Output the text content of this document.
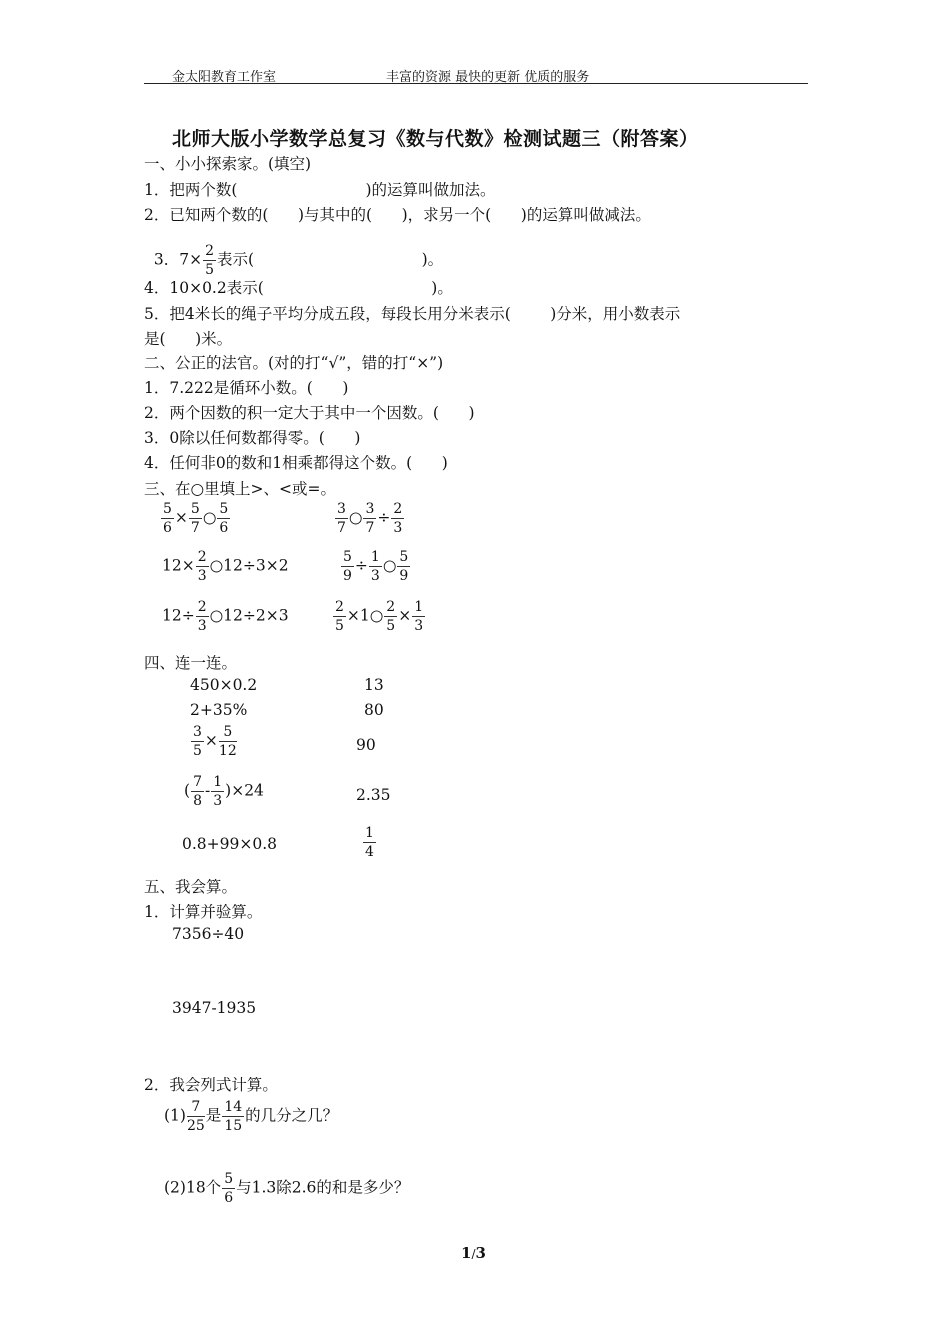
金太阳教育工作室	丰富的资源 最快的更新 优质的服务
北师大版小学数学总复习《数与代数》检测试题三（附答案）
一、小小探索家。(填空)
1．把两个数(                          )的运算叫做加法。
2．已知两个数的(      )与其中的(      )，求另一个(      )的运算叫做减法。

3．$7\times \frac{2}{5}$ 表示(                                  )。

4．10×0.2表示(                                  )。
5．把4米长的绳子平均分成五段，每段长用分米表示(        )分米，用小数表示
是(      )米。
二、公正的法官。(对的打“√”，错的打“×”)
1．7.222是循环小数。(      )
2．两个因数的积一定大于其中一个因数。(      )
3．0除以任何数都得零。(      )
4．任何非0的数和1相乘都得这个数。(      )
三、在○里填上>、<或=。
$\frac{5}{6} \times \frac{5}{7}$ ○ $\frac{5}{6}$	$\frac{3}{7}$ ○ $\frac{3}{7} \div \frac{2}{3}$
$12\times \frac{2}{3}$ ○12÷3×2	$\frac{5}{9} \div \frac{1}{3}$ ○ $\frac{5}{9}$
$12\div \frac{2}{3}$ ○12÷2×3	$\frac{2}{5}$ ×1○ $\frac{2}{5} \times \frac{1}{3}$
四、连一连。
450×0.2
2+35%
$\frac{3}{5} \times \frac{5}{12}$
( $\frac{7}{8} - \frac{1}{3} )\times 24$
0.8+99×0.8
13
80
90
2.35
$\frac{1}{4}$
五、我会算。
1．计算并验算。
7356÷40
3947-1935
2．我会列式计算。
$(1) \frac{7}{25}$ 是 $\frac{14}{15}$ 的几分之几？
(2)18个 $\frac{5}{6}$ 与1.3除2.6的和是多少？
1/3
